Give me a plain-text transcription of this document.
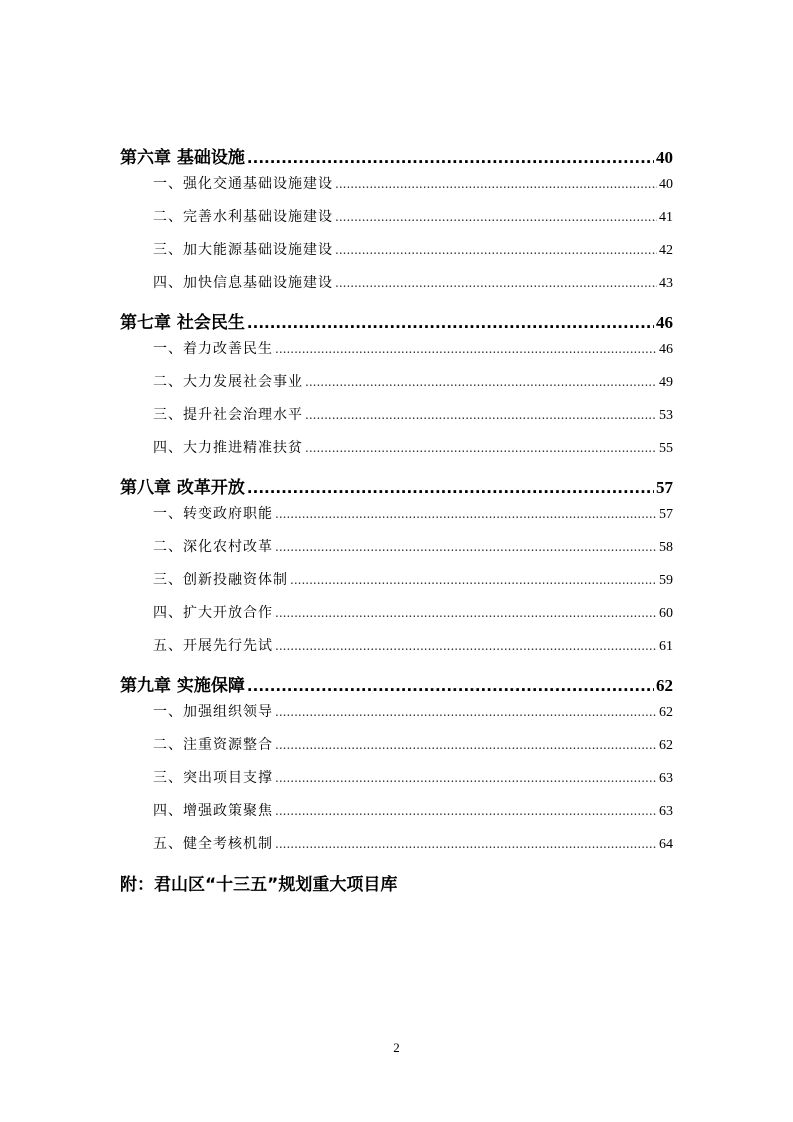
第六章 基础设施 .....	40
一、强化交通基础设施建设 .....	40
二、完善水利基础设施建设 .....	41
三、加大能源基础设施建设 .....	42
四、加快信息基础设施建设 .....	43
第七章 社会民生 .....	46
一、着力改善民生 .....	46
二、大力发展社会事业 .....	49
三、提升社会治理水平 .....	53
四、大力推进精准扶贫 .....	55
第八章 改革开放 .....	57
一、转变政府职能 .....	57
二、深化农村改革 .....	58
三、创新投融资体制 .....	59
四、扩大开放合作 .....	60
五、开展先行先试 .....	61
第九章 实施保障 .....	62
一、加强组织领导 .....	62
二、注重资源整合 .....	62
三、突出项目支撑 .....	63
四、增强政策聚焦 .....	63
五、健全考核机制 .....	64
附：君山区“十三五”规划重大项目库
2
